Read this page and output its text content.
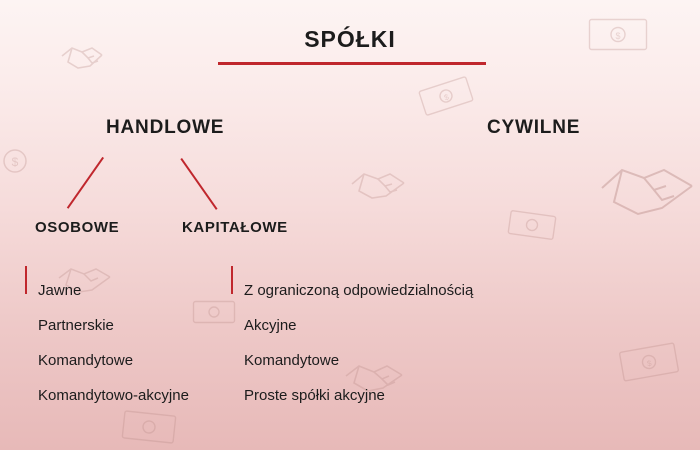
$
$
$
$
SPÓŁKI
HANDLOWE	CYWILNE
OSOBOWE	KAPITAŁOWE
Jawne
Partnerskie
Komandytowe
Komandytowo-akcyjne
Z ograniczoną odpowiedzialnością
Akcyjne
Komandytowe
Proste spółki akcyjne
